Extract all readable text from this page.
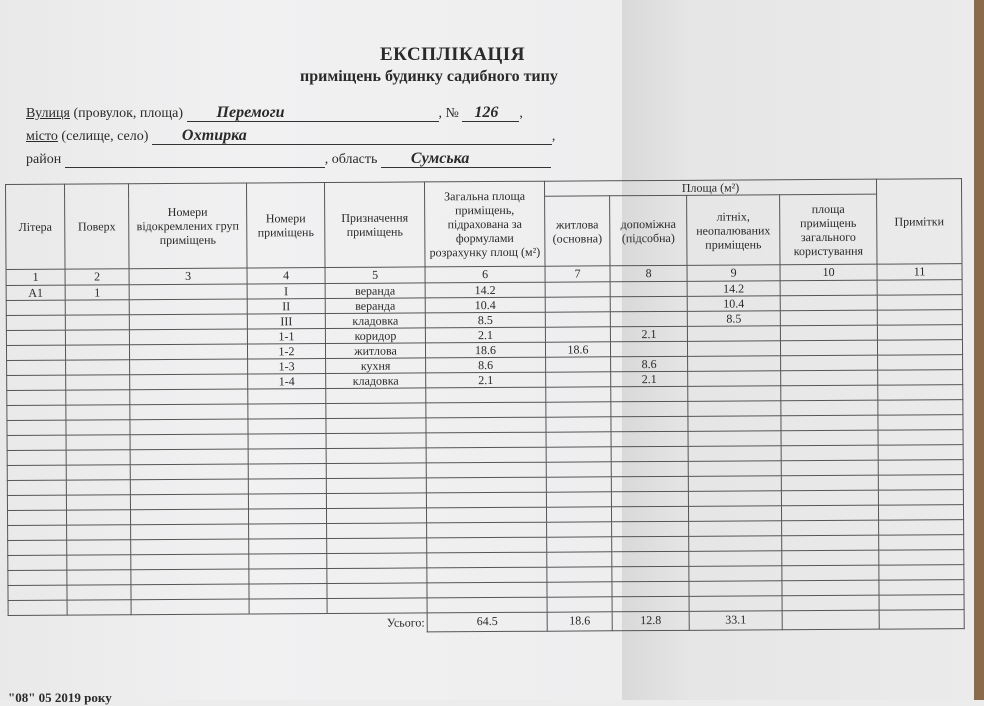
ЕКСПЛІКАЦІЯ
приміщень будинку садибного типу
Вулиця (провулок, площа) Перемоги	, № 126 ,
місто (селище, село) Охтирка	,
район	, область Сумська
Літера	Поверх	Номери відокремлених груп приміщень	Номери приміщень	Призначення приміщень	Загальна площа приміщень, підрахована за формулами розрахунку площ (м²)	Площа (м²)				Примітки
						житлова (основна)	допоміжна (підсобна)	літніх, неопалюваних приміщень	площа приміщень загального користування	
1	2	3	4	5	6	7	8	9	10	11
А1	1		I	веранда	14.2			14.2		
			II	веранда	10.4			10.4		
			III	кладовка	8.5			8.5		
			1-1	коридор	2.1		2.1			
			1-2	житлова	18.6	18.6				
			1-3	кухня	8.6		8.6			
			1-4	кладовка	2.1		2.1			

Усього:					64.5	18.6	12.8	33.1		
"08" 05 2019 року
